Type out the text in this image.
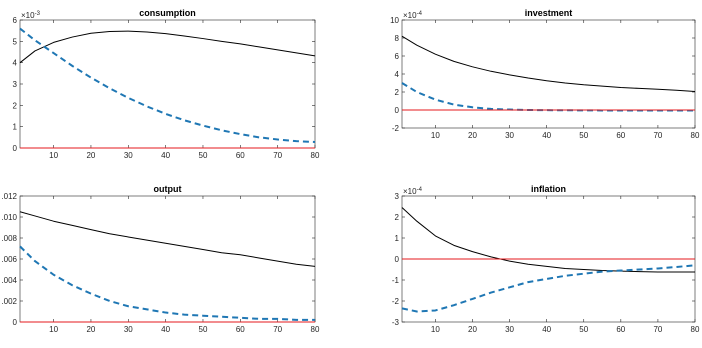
consumption
$\times 10^{-3}$
10	20	30	40	50	60	70	80
0
1
2
3
4
5
6
investment
$\times 10^{-4}$
10	20	30	40	50	60	70	80
-2
0
2
4
6
8
10
output
10	20	30	40	50	60	70	80
0
.002
.004
.006
.008
.010
.012
inflation
$\times 10^{-4}$
10	20	30	40	50	60	70	80
-3
-2
-1
0
1
2
3
